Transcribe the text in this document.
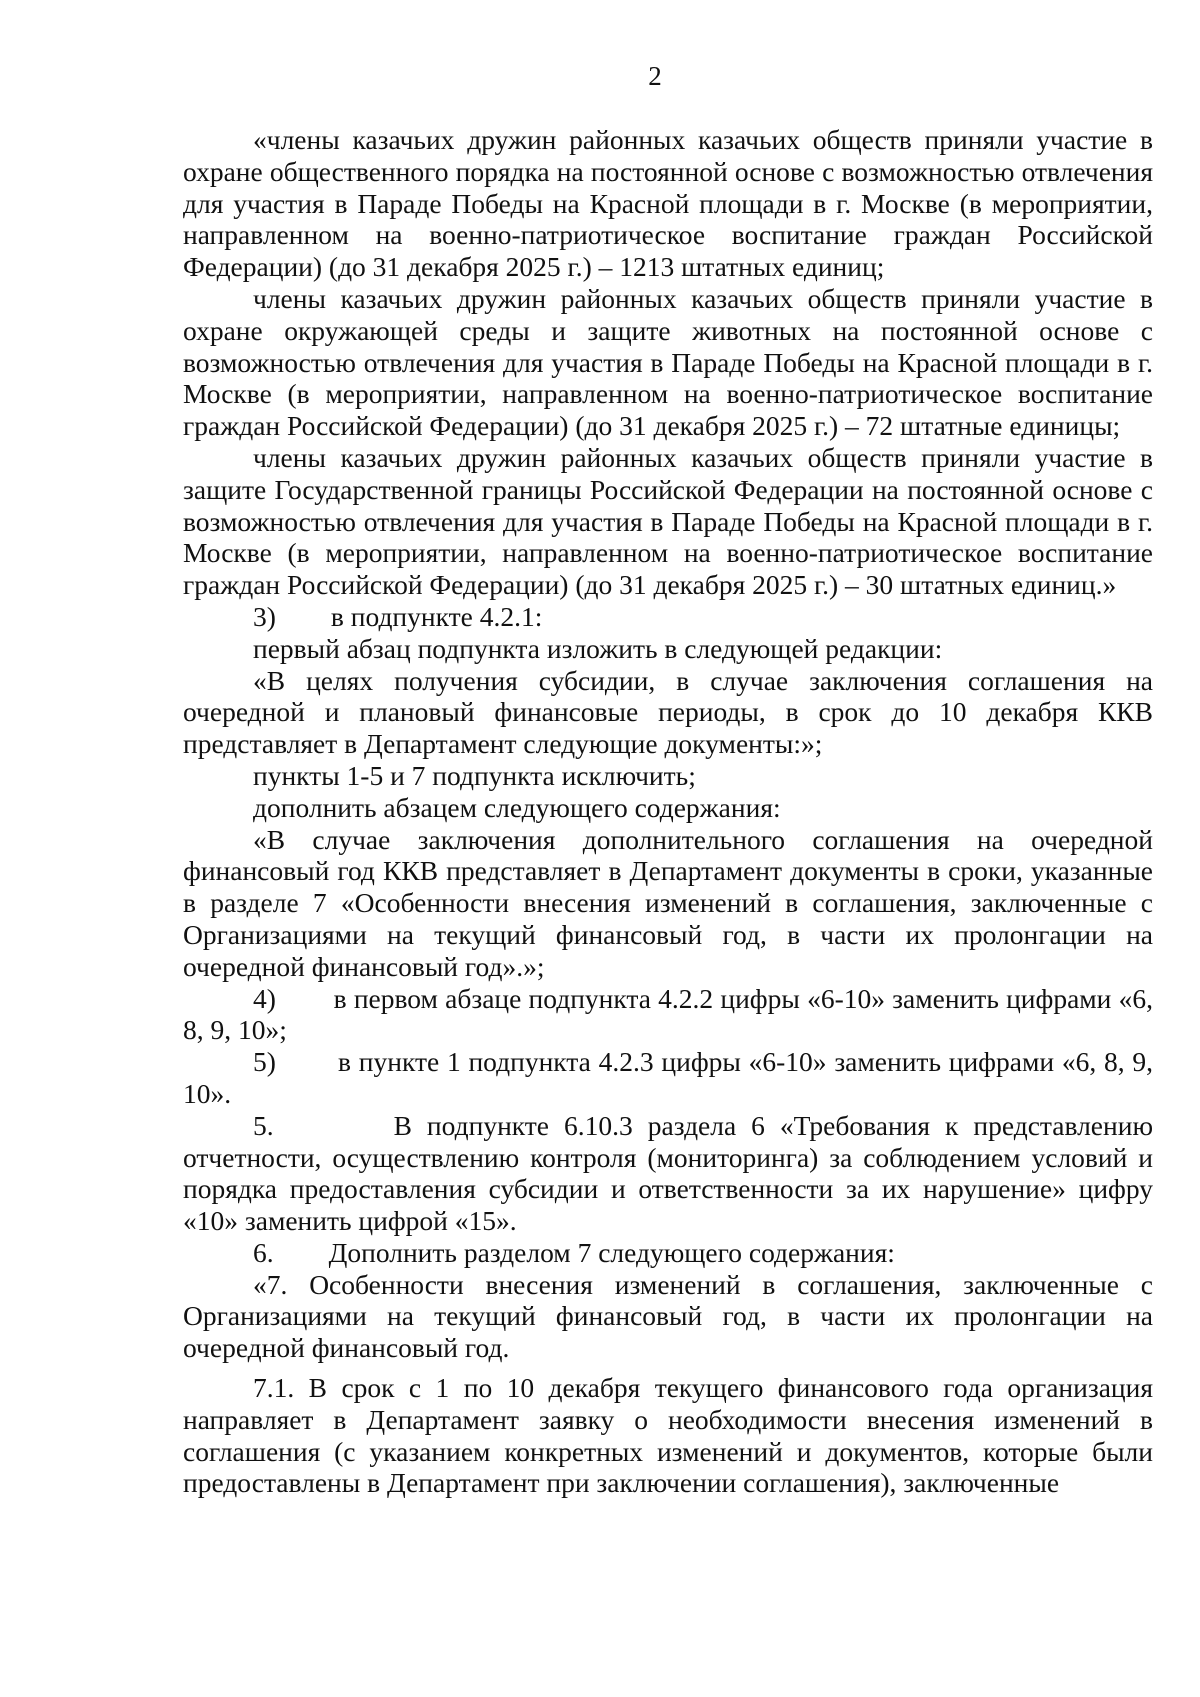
2

«члены казачьих дружин районных казачьих обществ приняли участие в охране общественного порядка на постоянной основе с возможностью отвлечения для участия в Параде Победы на Красной площади в г. Москве (в мероприятии, направленном на военно-патриотическое воспитание граждан Российской Федерации) (до 31 декабря 2025 г.) – 1213 штатных единиц;

члены казачьих дружин районных казачьих обществ приняли участие в охране окружающей среды и защите животных на постоянной основе с возможностью отвлечения для участия в Параде Победы на Красной площади в г. Москве (в мероприятии, направленном на военно-патриотическое воспитание граждан Российской Федерации) (до 31 декабря 2025 г.) – 72 штатные единицы;

члены казачьих дружин районных казачьих обществ приняли участие в защите Государственной границы Российской Федерации на постоянной основе с возможностью отвлечения для участия в Параде Победы на Красной площади в г. Москве (в мероприятии, направленном на военно-патриотическое воспитание граждан Российской Федерации) (до 31 декабря 2025 г.) – 30 штатных единиц.»

3)        в подпункте 4.2.1:

первый абзац подпункта изложить в следующей редакции:

«В целях получения субсидии, в случае заключения соглашения на очередной и плановый финансовые периоды, в срок до 10 декабря ККВ представляет в Департамент следующие документы:»;

пункты 1-5 и 7 подпункта исключить;

дополнить абзацем следующего содержания:

«В случае заключения дополнительного соглашения на очередной финансовый год ККВ представляет в Департамент документы в сроки, указанные в разделе 7 «Особенности внесения изменений в соглашения, заключенные с Организациями на текущий финансовый год, в части их пролонгации на очередной финансовый год».»;

4)        в первом абзаце подпункта 4.2.2 цифры «6-10» заменить цифрами «6, 8, 9, 10»;

5)        в пункте 1 подпункта 4.2.3 цифры «6-10» заменить цифрами «6, 8, 9, 10».

5.        В подпункте 6.10.3 раздела 6 «Требования к представлению отчетности, осуществлению контроля (мониторинга) за соблюдением условий и порядка предоставления субсидии и ответственности за их нарушение» цифру «10» заменить цифрой «15».

6.        Дополнить разделом 7 следующего содержания:

«7. Особенности внесения изменений в соглашения, заключенные с Организациями на текущий финансовый год, в части их пролонгации на очередной финансовый год.

7.1. В срок с 1 по 10 декабря текущего финансового года организация направляет в Департамент заявку о необходимости внесения изменений в соглашения (с указанием конкретных изменений и документов, которые были предоставлены в Департамент при заключении соглашения), заключенные
